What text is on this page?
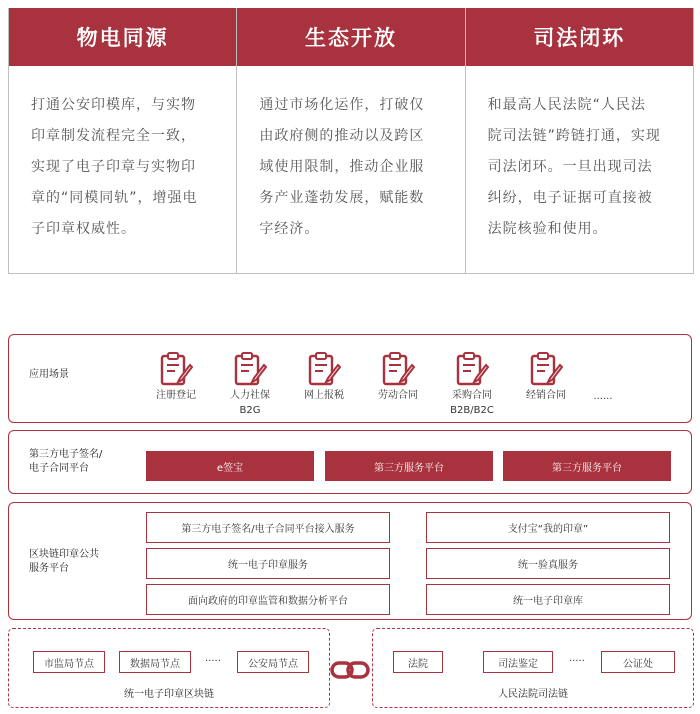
物电同源
打通公安印模库，与实物
印章制发流程完全一致，
实现了电子印章与实物印
章的“同模同轨”，增强电
子印章权威性。
生态开放
通过市场化运作，打破仅
由政府侧的推动以及跨区
域使用限制，推动企业服
务产业蓬勃发展，赋能数
字经济。
司法闭环
和最高人民法院“人民法
院司法链”跨链打通，实现
司法闭环。一旦出现司法
纠纷，电子证据可直接被
法院核验和使用。
应用场景
注册登记	人力社保
B2G
网上报税	劳动合同	采购合同
B2B/B2C
经销合同	......
第三方电子签名/
电子合同平台	e签宝	第三方服务平台	第三方服务平台
区块链印章公共
服务平台
第三方电子签名/电子合同平台接入服务
统一电子印章服务
面向政府的印章监管和数据分析平台
支付宝“我的印章”
统一验真服务
统一电子印章库
市监局节点	数据局节点	.....	公安局节点
统一电子印章区块链
法院	司法鉴定	.....	公证处
人民法院司法链
